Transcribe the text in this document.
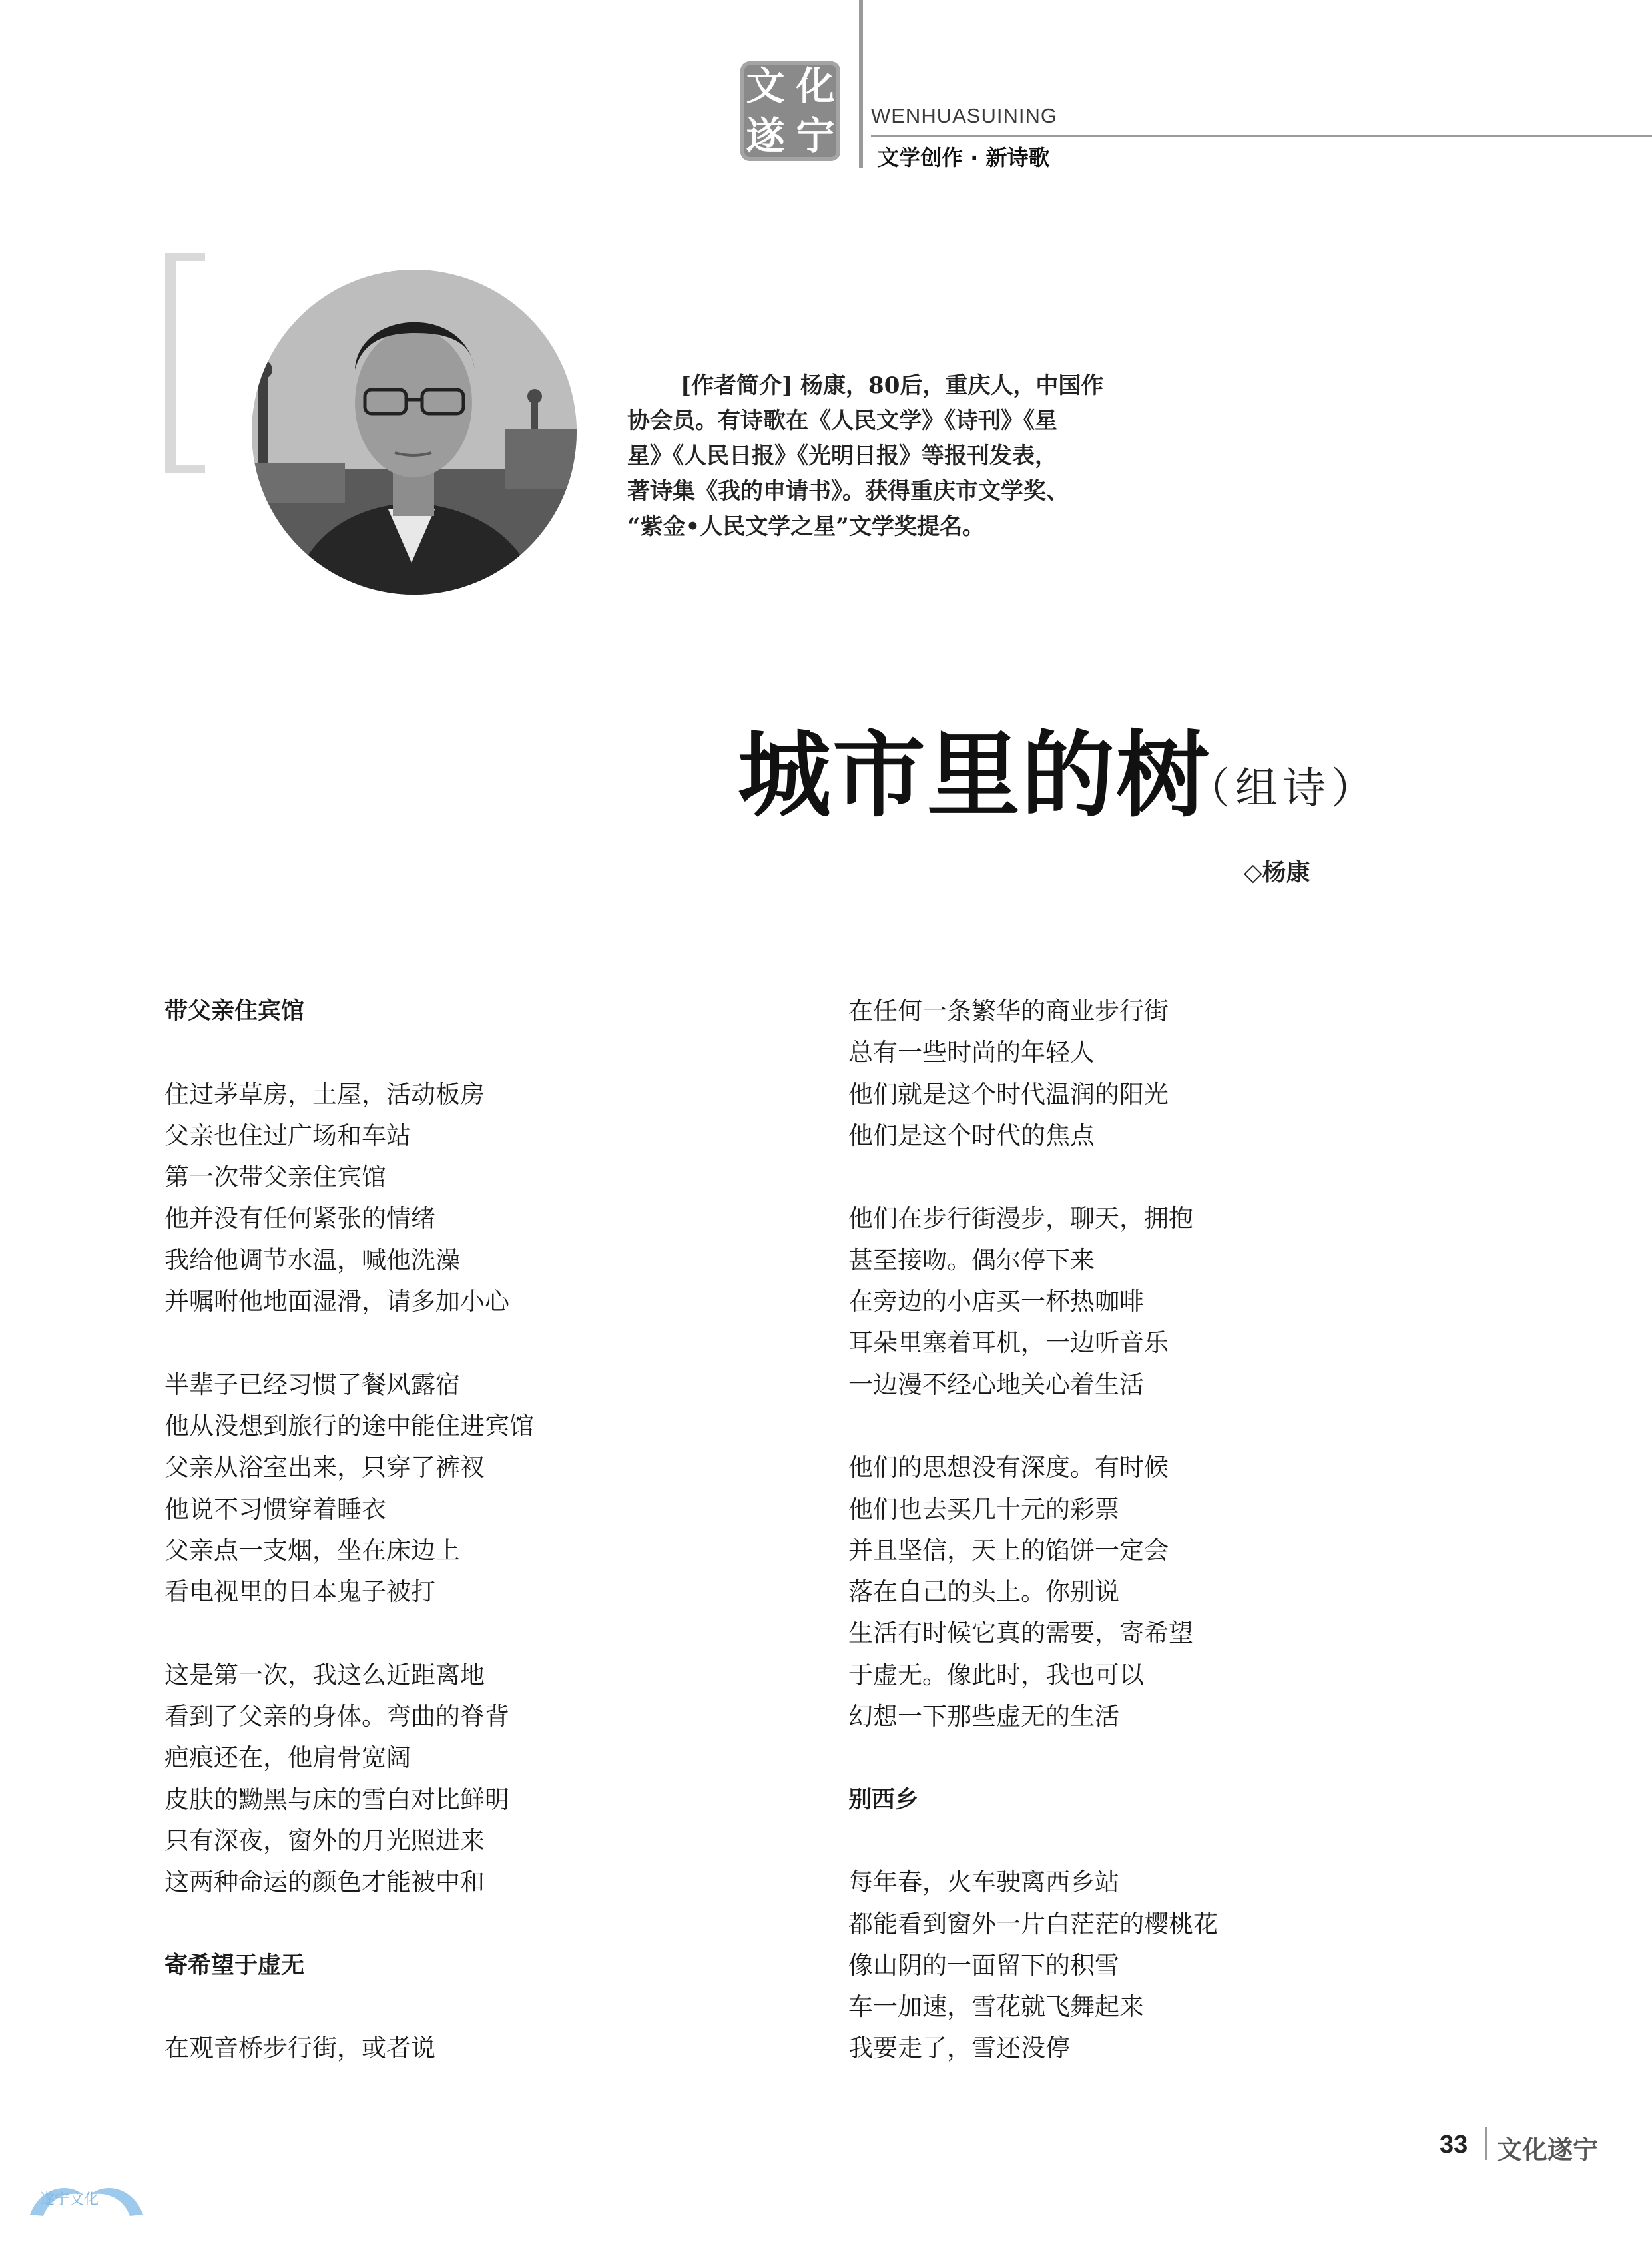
文 化
遂 宁 WENHUASUINING
文学创作 · 新诗歌
[作者简介] 杨康，80后，重庆人，中国作
协会员。有诗歌在《人民文学》《诗刊》《星
星》《人民日报》《光明日报》等报刊发表，
著诗集《我的申请书》。获得重庆市文学奖、
“紫金•人民文学之星”文学奖提名。
城市里的树
（组诗）
◇杨康
带父亲住宾馆
住过茅草房，土屋，活动板房
父亲也住过广场和车站
第一次带父亲住宾馆
他并没有任何紧张的情绪
我给他调节水温，喊他洗澡
并嘱咐他地面湿滑，请多加小心
半辈子已经习惯了餐风露宿
他从没想到旅行的途中能住进宾馆
父亲从浴室出来，只穿了裤衩
他说不习惯穿着睡衣
父亲点一支烟，坐在床边上
看电视里的日本鬼子被打
这是第一次，我这么近距离地
看到了父亲的身体。弯曲的脊背
疤痕还在，他肩骨宽阔
皮肤的黝黑与床的雪白对比鲜明
只有深夜，窗外的月光照进来
这两种命运的颜色才能被中和
寄希望于虚无
在观音桥步行街，或者说
在任何一条繁华的商业步行街
总有一些时尚的年轻人
他们就是这个时代温润的阳光
他们是这个时代的焦点
他们在步行街漫步，聊天，拥抱
甚至接吻。偶尔停下来
在旁边的小店买一杯热咖啡
耳朵里塞着耳机，一边听音乐
一边漫不经心地关心着生活
他们的思想没有深度。有时候
他们也去买几十元的彩票
并且坚信，天上的馅饼一定会
落在自己的头上。你别说
生活有时候它真的需要，寄希望
于虚无。像此时，我也可以
幻想一下那些虚无的生活
别西乡
每年春，火车驶离西乡站
都能看到窗外一片白茫茫的樱桃花
像山阴的一面留下的积雪
车一加速，雪花就飞舞起来
我要走了，雪还没停
33 文化遂宁
遂宁文化
